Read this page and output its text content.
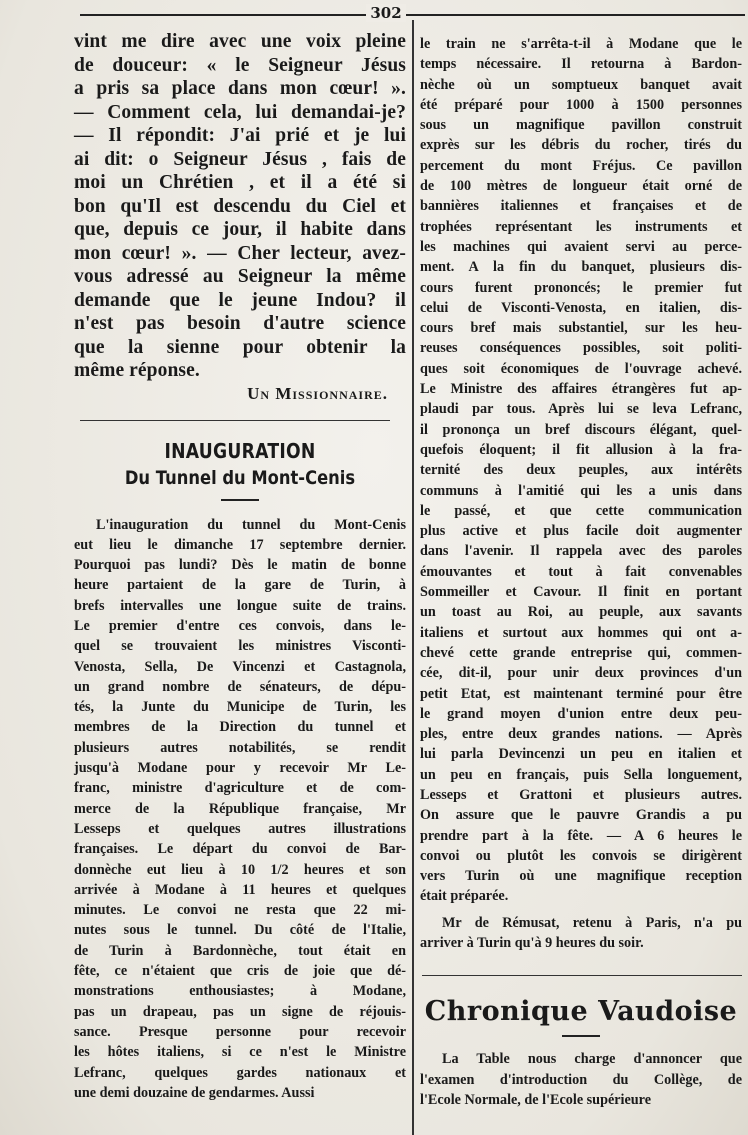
302

vint me dire avec une voix pleine

de douceur: « le Seigneur Jésus

a pris sa place dans mon cœur! ».

— Comment cela, lui demandai-je?

— Il répondit: J'ai prié et je lui

ai dit: o Seigneur Jésus , fais de

moi un Chrétien , et il a été si

bon qu'Il est descendu du Ciel et

que, depuis ce jour, il habite dans

mon cœur! ». — Cher lecteur, avez-

vous adressé au Seigneur la même

demande que le jeune Indou? il

n'est pas besoin d'autre science

que la sienne pour obtenir la

même réponse.

Un Missionnaire.
INAUGURATION
Du Tunnel du Mont-Cenis

L'inauguration du tunnel du Mont-Cenis

eut lieu le dimanche 17 septembre dernier.

Pourquoi pas lundi? Dès le matin de bonne

heure partaient de la gare de Turin, à

brefs intervalles une longue suite de trains.

Le premier d'entre ces convois, dans le-

quel se trouvaient les ministres Visconti-

Venosta, Sella, De Vincenzi et Castagnola,

un grand nombre de sénateurs, de dépu-

tés, la Junte du Municipe de Turin, les

membres de la Direction du tunnel et

plusieurs autres notabilités, se rendit

jusqu'à Modane pour y recevoir Mr Le-

franc, ministre d'agriculture et de com-

merce de la République française, Mr

Lesseps et quelques autres illustrations

françaises. Le départ du convoi de Bar-

donnèche eut lieu à 10 1/2 heures et son

arrivée à Modane à 11 heures et quelques

minutes. Le convoi ne resta que 22 mi-

nutes sous le tunnel. Du côté de l'Italie,

de Turin à Bardonnèche, tout était en

fête, ce n'étaient que cris de joie que dé-

monstrations enthousiastes; à Modane,

pas un drapeau, pas un signe de réjouis-

sance. Presque personne pour recevoir

les hôtes italiens, si ce n'est le Ministre

Lefranc, quelques gardes nationaux et

une demi douzaine de gendarmes. Aussi

le train ne s'arrêta-t-il à Modane que le

temps nécessaire. Il retourna à Bardon-

nèche où un somptueux banquet avait

été préparé pour 1000 à 1500 personnes

sous un magnifique pavillon construit

exprès sur les débris du rocher, tirés du

percement du mont Fréjus. Ce pavillon

de 100 mètres de longueur était orné de

bannières italiennes et françaises et de

trophées représentant les instruments et

les machines qui avaient servi au perce-

ment. A la fin du banquet, plusieurs dis-

cours furent prononcés; le premier fut

celui de Visconti-Venosta, en italien, dis-

cours bref mais substantiel, sur les heu-

reuses conséquences possibles, soit politi-

ques soit économiques de l'ouvrage achevé.

Le Ministre des affaires étrangères fut ap-

plaudi par tous. Après lui se leva Lefranc,

il prononça un bref discours élégant, quel-

quefois éloquent; il fit allusion à la fra-

ternité des deux peuples, aux intérêts

communs à l'amitié qui les a unis dans

le passé, et que cette communication

plus active et plus facile doit augmenter

dans l'avenir. Il rappela avec des paroles

émouvantes et tout à fait convenables

Sommeiller et Cavour. Il finit en portant

un toast au Roi, au peuple, aux savants

italiens et surtout aux hommes qui ont a-

chevé cette grande entreprise qui, commen-

cée, dit-il, pour unir deux provinces d'un

petit Etat, est maintenant terminé pour être

le grand moyen d'union entre deux peu-

ples, entre deux grandes nations. — Après

lui parla Devincenzi un peu en italien et

un peu en français, puis Sella longuement,

Lesseps et Grattoni et plusieurs autres.

On assure que le pauvre Grandis a pu

prendre part à la fête. — A 6 heures le

convoi ou plutôt les convois se dirigèrent

vers Turin où une magnifique reception

était préparée.

Mr de Rémusat, retenu à Paris, n'a pu

arriver à Turin qu'à 9 heures du soir.

Chronique Vaudoise

La Table nous charge d'annoncer que

l'examen d'introduction du Collège, de

l'Ecole Normale, de l'Ecole supérieure
